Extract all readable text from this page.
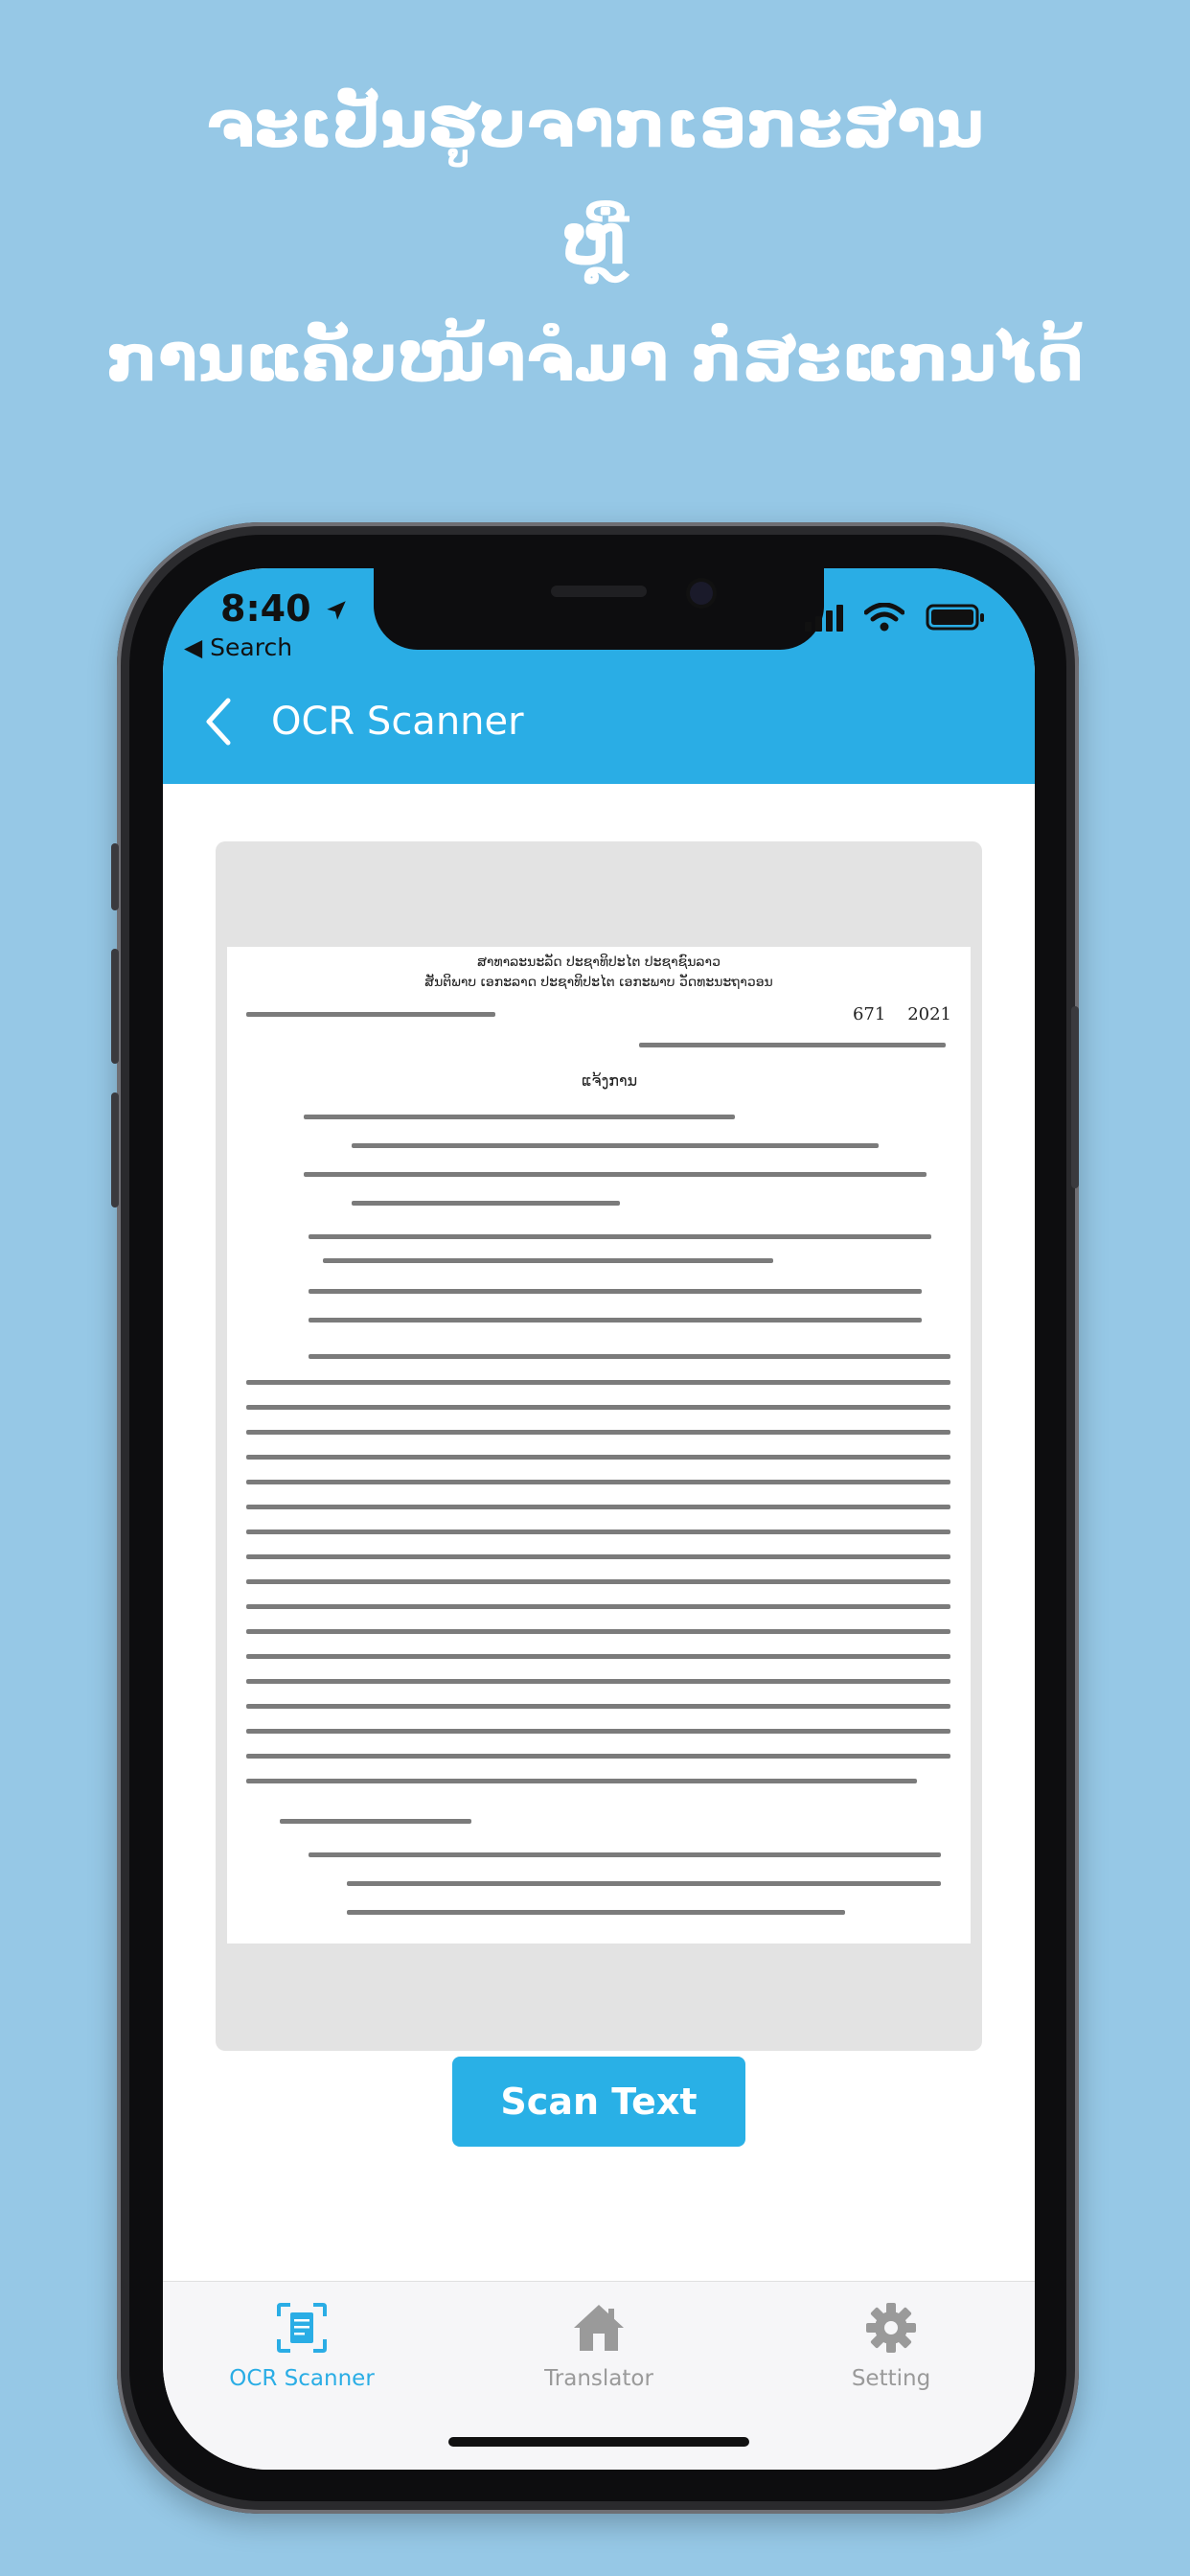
ຈະເປັນຮູບຈາກເອກະສານ
ຫຼື
ການແຄັບໜ້າຈໍມາ ກໍ່ສະແກນໄດ້
8:40
◀ Search
OCR Scanner
ສາທາລະນະລັດ ປະຊາທິປະໄຕ ປະຊາຊົນລາວ
ສັນຕິພາບ ເອກະລາດ ປະຊາທິປະໄຕ ເອກະພາບ ວັດທະນະຖາວອນ
671 2021
ແຈ້ງການ
Scan Text
OCR Scanner	Translator	Setting
